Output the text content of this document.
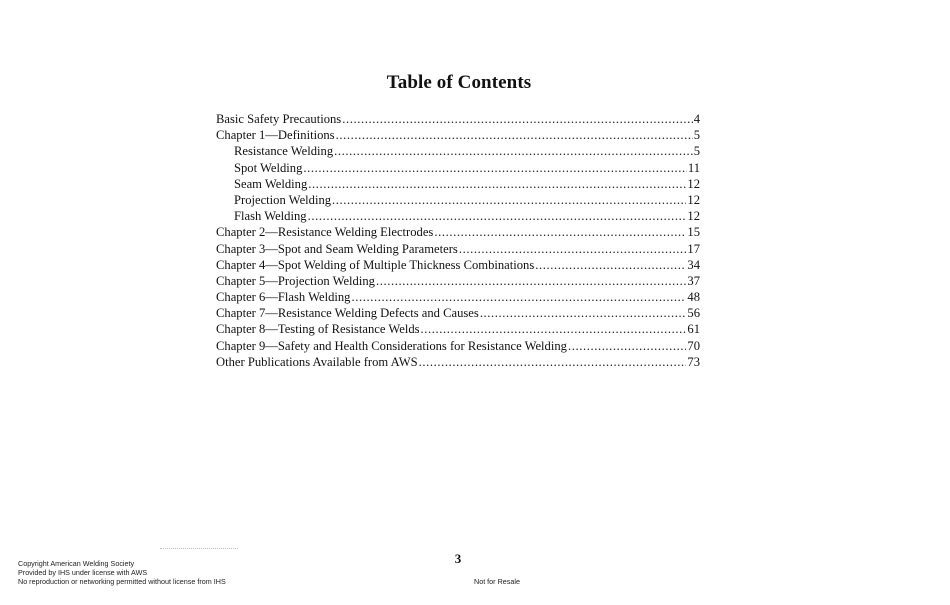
Table of Contents
Basic Safety Precautions .....	4
Chapter 1—Definitions .....	5
Resistance Welding .....	5
Spot Welding .....	11
Seam Welding .....	12
Projection Welding .....	12
Flash Welding .....	12
Chapter 2—Resistance Welding Electrodes .....	15
Chapter 3—Spot and Seam Welding Parameters .....	17
Chapter 4—Spot Welding of Multiple Thickness Combinations .....	34
Chapter 5—Projection Welding .....	37
Chapter 6—Flash Welding .....	48
Chapter 7—Resistance Welding Defects and Causes .....	56
Chapter 8—Testing of Resistance Welds .....	61
Chapter 9—Safety and Health Considerations for Resistance Welding .....	70
Other Publications Available from AWS .....	73
3
Copyright American Welding Society
Provided by IHS under license with AWS
No reproduction or networking permitted without license from IHS	Not for Resale
